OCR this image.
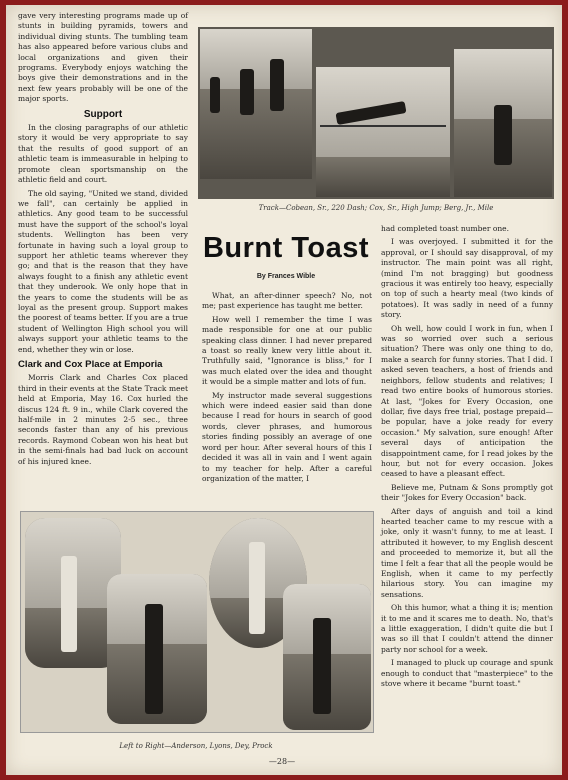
gave very interesting programs made up of stunts in building pyramids, towers and individual diving stunts. The tumbling team has also appeared before various clubs and local organizations and given their programs. Everybody enjoys watching the boys give their demonstrations and in the next few years probably will be one of the major sports.

Support

In the closing paragraphs of our athletic story it would be very appropriate to say that the results of good support of an athletic team is immeasurable in helping to promote clean sportsmanship on the athletic field and court.

The old saying, "United we stand, divided we fall", can certainly be applied in athletics. Any good team to be successful must have the support of the school's loyal students. Wellington has been very fortunate in having such a loyal group to support her athletic teams wherever they go; and that is the reason that they have always fought to a finish any athletic event that they underook. We only hope that in the years to come the students will be as loyal as the present group. Support makes the poorest of teams better. If you are a true student of Wellington High school you will always support your athletic teams to the end, whether they win or lose.

Clark and Cox Place at Emporia

Morris Clark and Charles Cox placed third in their events at the State Track meet held at Emporia, May 16. Cox hurled the discus 124 ft. 9 in., while Clark covered the half-mile in 2 minutes 2-5 sec., three seconds faster than any of his previous records. Raymond Cobean won his heat but in the semi-finals had bad luck on account of his injured knee.

Track—Cobean, Sr., 220 Dash; Cox, Sr., High Jump; Berg, Jr., Mile
Burnt Toast
By Frances Wible

What, an after-dinner speech? No, not me; past experience has taught me better.

How well I remember the time I was made responsible for one at our public speaking class dinner. I had never prepared a toast so really knew very little about it. Truthfully said, "Ignorance is bliss," for I was much elated over the idea and thought it would be a simple matter and lots of fun.

My instructor made several suggestions which were indeed easier said than done because I read for hours in search of good words, clever phrases, and humorous stories finding possibly an average of one word per hour. After several hours of this I decided it was all in vain and I went again to my teacher for help. After a careful organization of the matter, I

had completed toast number one.

I was overjoyed. I submitted it for the approval, or I should say disapproval, of my instructor. The main point was all right, (mind I'm not bragging) but goodness gracious it was entirely too heavy, especially on top of such a hearty meal (two kinds of potatoes). It was sadly in need of a funny story.

Oh well, how could I work in fun, when I was so worried over such a serious situation? There was only one thing to do, make a search for funny stories. That I did. I asked seven teachers, a host of friends and neighbors, fellow students and relatives; I read two entire books of humorous stories. At last, "Jokes for Every Occasion, one dollar, five days free trial, postage prepaid—be popular, have a joke ready for every occasion." My salvation, sure enough! After several days of anticipation the disappointment came, for I read jokes by the hour, but not for every occasion. Jokes ceased to have a pleasant effect.

Believe me, Putnam & Sons promptly got their "Jokes for Every Occasion" back.

After days of anguish and toil a kind hearted teacher came to my rescue with a joke, only it wasn't funny, to me at least. I attributed it however, to my English descent and proceeded to memorize it, but all the time I felt a fear that all the people would be English, when it came to my perfectly hilarious story. You can imagine my sensations.

Oh this humor, what a thing it is; mention it to me and it scares me to death. No, that's a little exaggeration, I didn't quite die but I was so ill that I couldn't attend the dinner party nor school for a week.

I managed to pluck up courage and spunk enough to conduct that "masterpiece" to the stove where it became "burnt toast."

Left to Right—Anderson, Lyons, Dey, Prock
—28—
